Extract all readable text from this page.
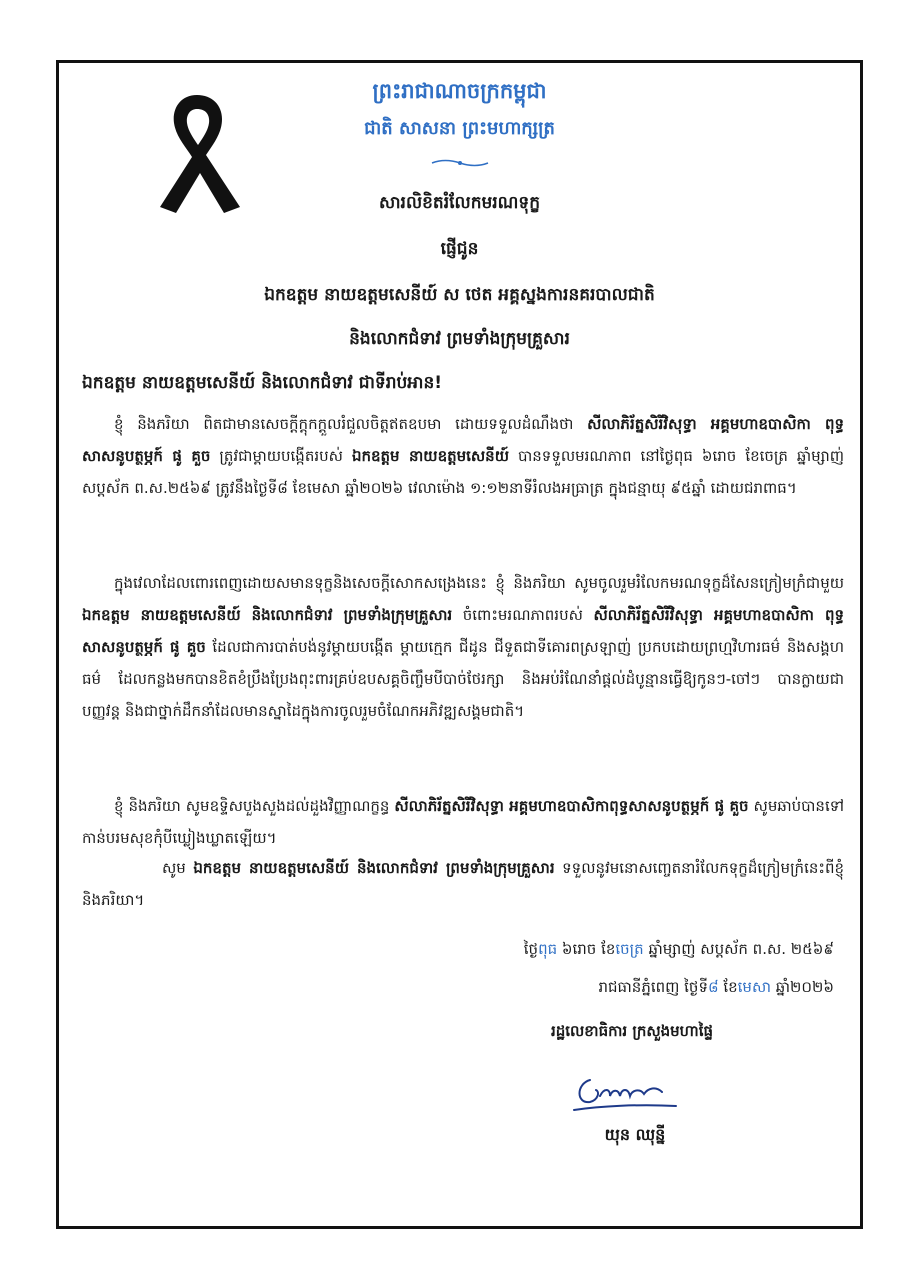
ព្រះរាជាណាចក្រកម្ពុជា
ជាតិ សាសនា ព្រះមហាក្សត្រ
សារលិខិតរំលែកមរណទុក្ខ
ផ្ញើជូន
ឯកឧត្តម នាយឧត្តមសេនីយ៍ ស ថេត អគ្គស្នងការនគរបាលជាតិ
និងលោកជំទាវ ព្រមទាំងក្រុមគ្រួសារ
ឯកឧត្តម នាយឧត្តមសេនីយ៍ និងលោកជំទាវ ជាទីរាប់អាន!
ខ្ញុំ និងភរិយា ពិតជាមានសេចក្តីក្តុកក្តួលរំជួលចិត្តឥតឧបមា ដោយទទួលដំណឹងថា សីលាភិរ័ត្នសិរីវិសុទ្ធា អគ្គមហាឧបាសិកា ពុទ្ធសាសនូបត្ថម្ភក៍ ផូ គួច ត្រូវជាម្តាយបង្កើតរបស់ ឯកឧត្តម នាយឧត្តមសេនីយ៍ បានទទួលមរណភាព នៅថ្ងៃពុធ ៦រោច ខែចេត្រ ឆ្នាំម្សាញ់ សប្តស័ក ព.ស.២៥៦៩ ត្រូវនឹងថ្ងៃទី៨ ខែមេសា ឆ្នាំ២០២៦ វេលាម៉ោង ១:១២នាទីរំលងអធ្រាត្រ ក្នុងជន្មាយុ ៩៥ឆ្នាំ ដោយជរាពាធ។
ក្នុងវេលាដែលពោរពេញដោយសមានទុក្ខនិងសេចក្តីសោកសង្រេងនេះ ខ្ញុំ និងភរិយា សូមចូលរួមរំលែកមរណទុក្ខដ៏សែនក្រៀមក្រំជាមួយ ឯកឧត្តម នាយឧត្តមសេនីយ៍ និងលោកជំទាវ ព្រមទាំងក្រុមគ្រួសារ ចំពោះមរណភាពរបស់ សីលាភិរ័ត្នសិរីវិសុទ្ធា អគ្គមហាឧបាសិកា ពុទ្ធសាសនូបត្ថម្ភក៍ ផូ គួច ដែលជាការបាត់បង់នូវម្តាយបង្កើត ម្តាយក្មេក ជីដូន ជីទួតជាទីគោរពស្រឡាញ់ ប្រកបដោយព្រហ្មវិហារធម៌ និងសង្គហធម៌ ដែលកន្លងមកបានខិតខំប្រឹងប្រែងពុះពារគ្រប់ឧបសគ្គចិញ្ចឹមបីបាច់ថែរក្សា និងអប់រំណែនាំផ្តល់ដំបូន្មានធ្វើឱ្យកូនៗ-ចៅៗ បានក្លាយជាបញ្ញវន្ត និងជាថ្នាក់ដឹកនាំដែលមានស្នាដៃក្នុងការចូលរួមចំណែកអភិវឌ្ឍសង្គមជាតិ។
ខ្ញុំ និងភរិយា សូមឧទ្ទិសបួងសួងដល់ដួងវិញ្ញាណក្ខន្ធ សីលាភិរ័ត្នសិរីវិសុទ្ធា អគ្គមហាឧបាសិកាពុទ្ធសាសនូបត្ថម្ភក៍ ផូ គួច សូមឆាប់បានទៅកាន់បរមសុខកុំបីឃ្លៀងឃ្លាតឡើយ។
សូម ឯកឧត្តម នាយឧត្តមសេនីយ៍ និងលោកជំទាវ ព្រមទាំងក្រុមគ្រួសារ ទទួលនូវមនោសញ្ចេតនារំលែកទុក្ខដ៏ក្រៀមក្រំនេះពីខ្ញុំ និងភរិយា។
ថ្ងៃពុធ ៦រោច ខែចេត្រ ឆ្នាំម្សាញ់ សប្តស័ក ព.ស. ២៥៦៩
រាជធានីភ្នំពេញ ថ្ងៃទី៨ ខែមេសា ឆ្នាំ២០២៦
រដ្ឋលេខាធិការ ក្រសួងមហាផ្ទៃ
យុន ឈុន្នី
